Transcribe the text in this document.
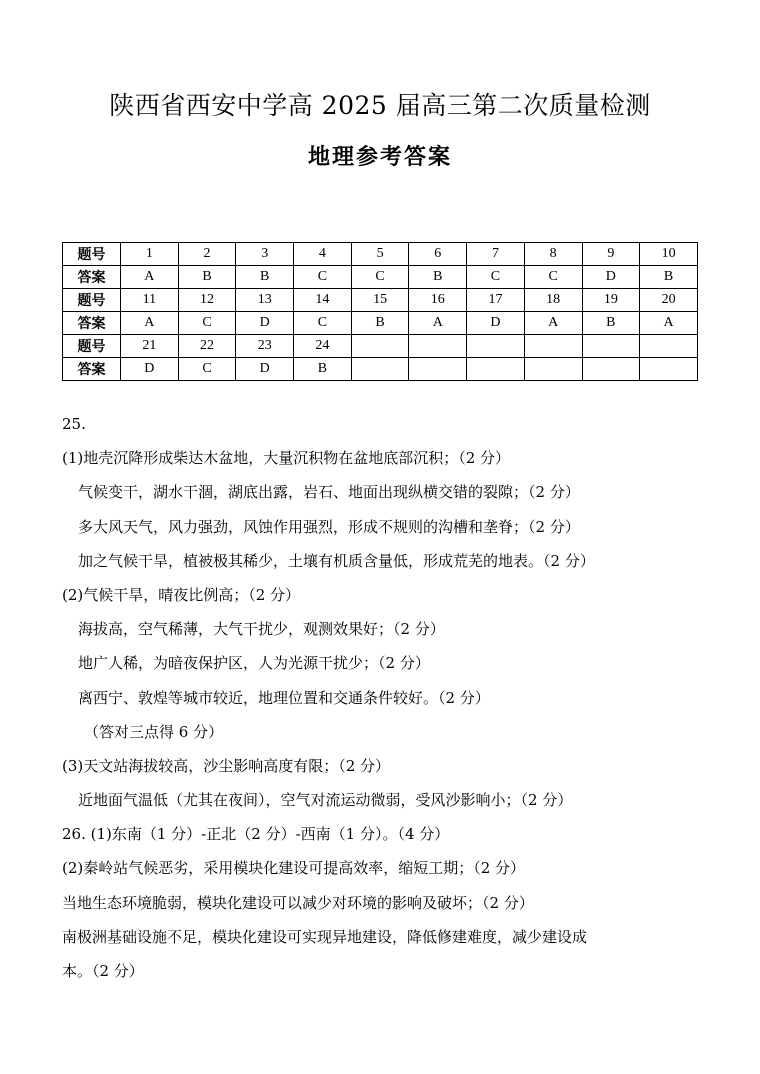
陕西省西安中学高 2025 届高三第二次质量检测
地理参考答案
题号	1	2	3	4	5	6	7	8	9	10
答案	A	B	B	C	C	B	C	C	D	B
题号	11	12	13	14	15	16	17	18	19	20
答案	A	C	D	C	B	A	D	A	B	A
题号	21	22	23	24						
答案	D	C	D	B						
25.
(1)地壳沉降形成柴达木盆地，大量沉积物在盆地底部沉积；（2 分）
气候变干，湖水干涸，湖底出露，岩石、地面出现纵横交错的裂隙；（2 分）
多大风天气，风力强劲，风蚀作用强烈，形成不规则的沟槽和垄脊；（2 分）
加之气候干旱，植被极其稀少，土壤有机质含量低，形成荒芜的地表。（2 分）
(2)气候干旱，晴夜比例高；（2 分）
海拔高，空气稀薄，大气干扰少，观测效果好；（2 分）
地广人稀，为暗夜保护区，人为光源干扰少；（2 分）
离西宁、敦煌等城市较近，地理位置和交通条件较好。（2 分）
（答对三点得 6 分）
(3)天文站海拔较高，沙尘影响高度有限；（2 分）
近地面气温低（尤其在夜间），空气对流运动微弱，受风沙影响小；（2 分）
26. (1)东南（1 分）-正北（2 分）-西南（1 分）。（4 分）
(2)秦岭站气候恶劣，采用模块化建设可提高效率，缩短工期；（2 分）
当地生态环境脆弱，模块化建设可以减少对环境的影响及破坏；（2 分）
南极洲基础设施不足，模块化建设可实现异地建设，降低修建难度，减少建设成
本。（2 分）
